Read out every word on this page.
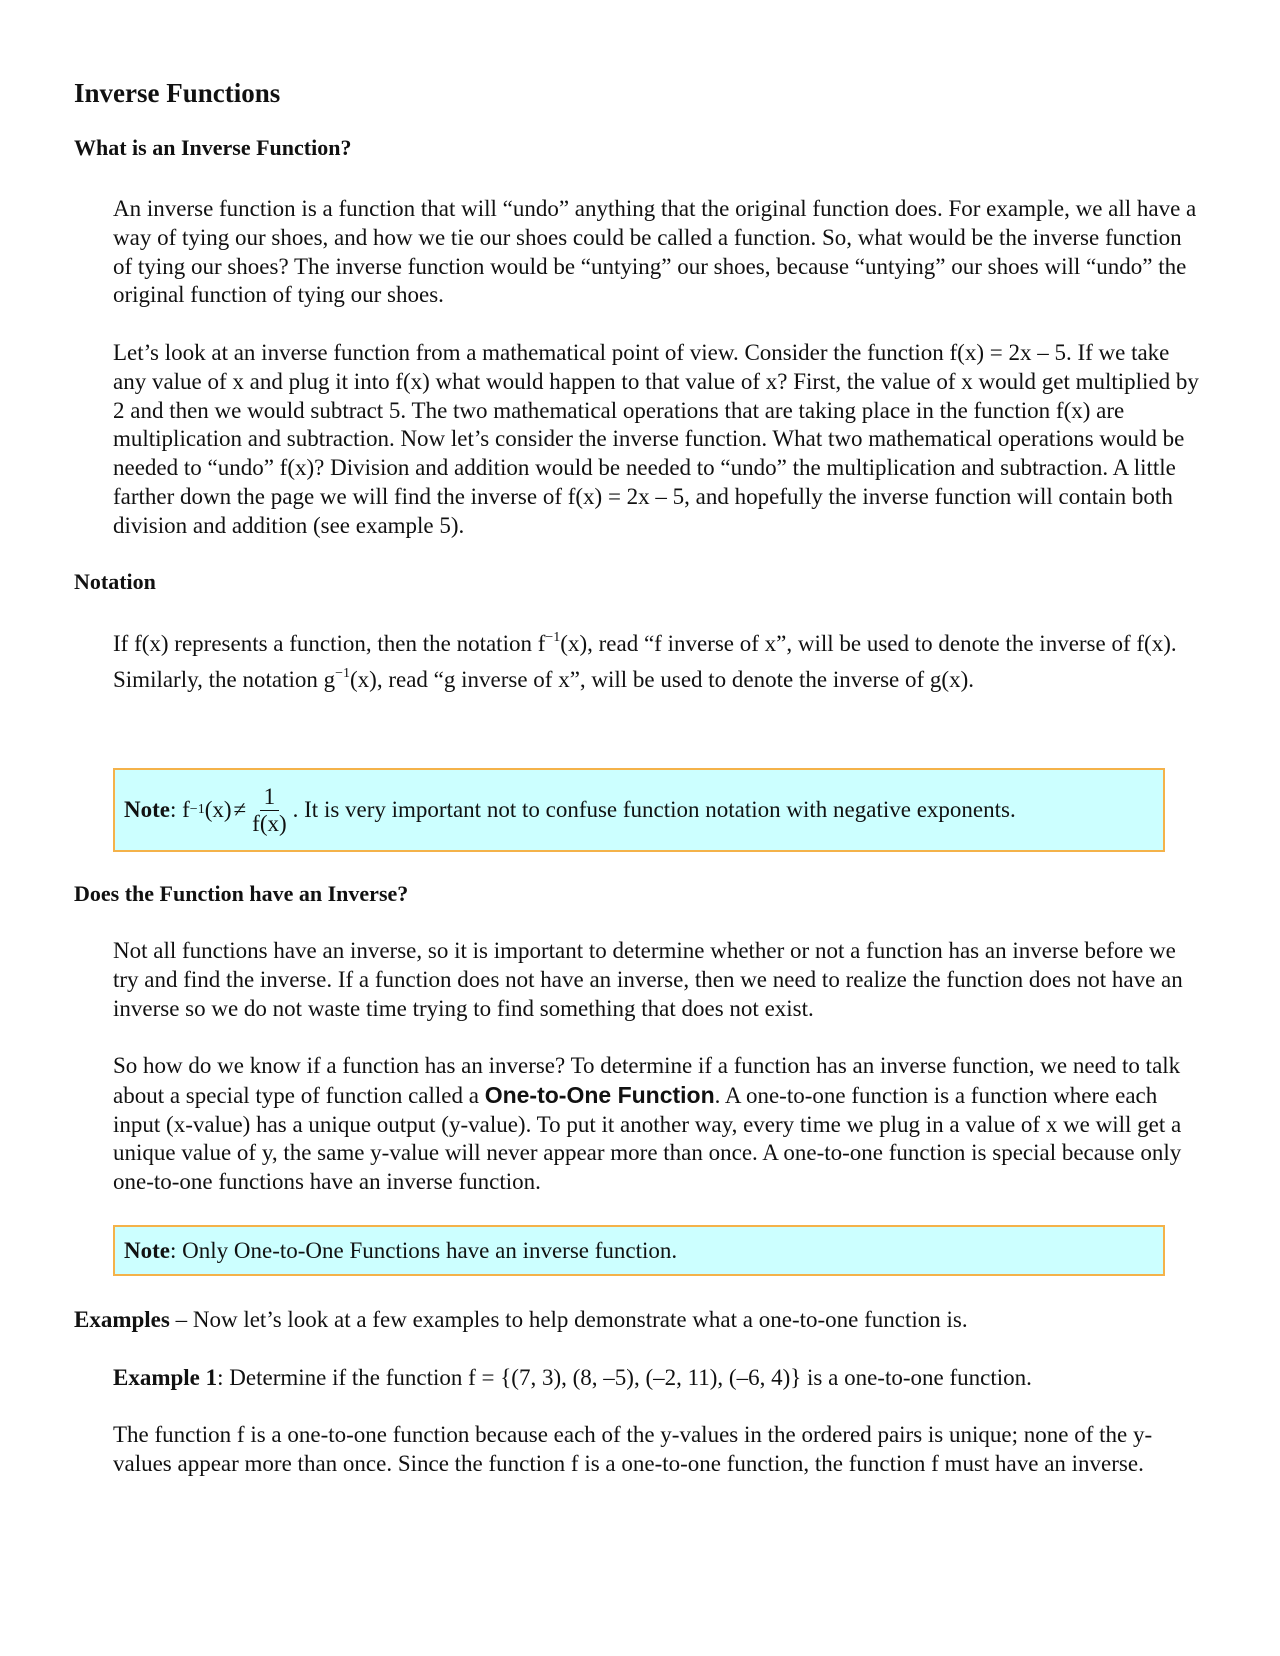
Inverse Functions
What is an Inverse Function?

An inverse function is a function that will “undo” anything that the original function does. For example, we all have a way of tying our shoes, and how we tie our shoes could be called a function. So, what would be the inverse function of tying our shoes? The inverse function would be “untying” our shoes, because “untying” our shoes will “undo” the original function of tying our shoes.

Let’s look at an inverse function from a mathematical point of view. Consider the function f(x) = 2x – 5. If we take any value of x and plug it into f(x) what would happen to that value of x? First, the value of x would get multiplied by 2 and then we would subtract 5. The two mathematical operations that are taking place in the function f(x) are multiplication and subtraction. Now let’s consider the inverse function. What two mathematical operations would be needed to “undo” f(x)? Division and addition would be needed to “undo” the multiplication and subtraction. A little farther down the page we will find the inverse of f(x) = 2x – 5, and hopefully the inverse function will contain both division and addition (see example 5).

Notation

If f(x) represents a function, then the notation $f^{-1}(x)$, read “f inverse of x”, will be used to denote the inverse of f(x). Similarly, the notation $g^{-1}(x)$, read “g inverse of x”, will be used to denote the inverse of g(x).

Note :
f −1 $(x) \ne \frac{1}{f(x)}$ . It is very important not to confuse function notation with negative exponents.
Does the Function have an Inverse?

Not all functions have an inverse, so it is important to determine whether or not a function has an inverse before we try and find the inverse. If a function does not have an inverse, then we need to realize the function does not have an inverse so we do not waste time trying to find something that does not exist.

So how do we know if a function has an inverse? To determine if a function has an inverse function, we need to talk about a special type of function called a One-to-One Function. A one-to-one function is a function where each input (x-value) has a unique output (y-value). To put it another way, every time we plug in a value of x we will get a unique value of y, the same y-value will never appear more than once. A one-to-one function is special because only one-to-one functions have an inverse function.

Note : Only One-to-One Functions have an inverse function.

Examples – Now let’s look at a few examples to help demonstrate what a one-to-one function is.

Example 1: Determine if the function f = {(7, 3), (8, –5), (–2, 11), (–6, 4)} is a one-to-one function.

The function f is a one-to-one function because each of the y-values in the ordered pairs is unique; none of the y-values appear more than once. Since the function f is a one-to-one function, the function f must have an inverse.
